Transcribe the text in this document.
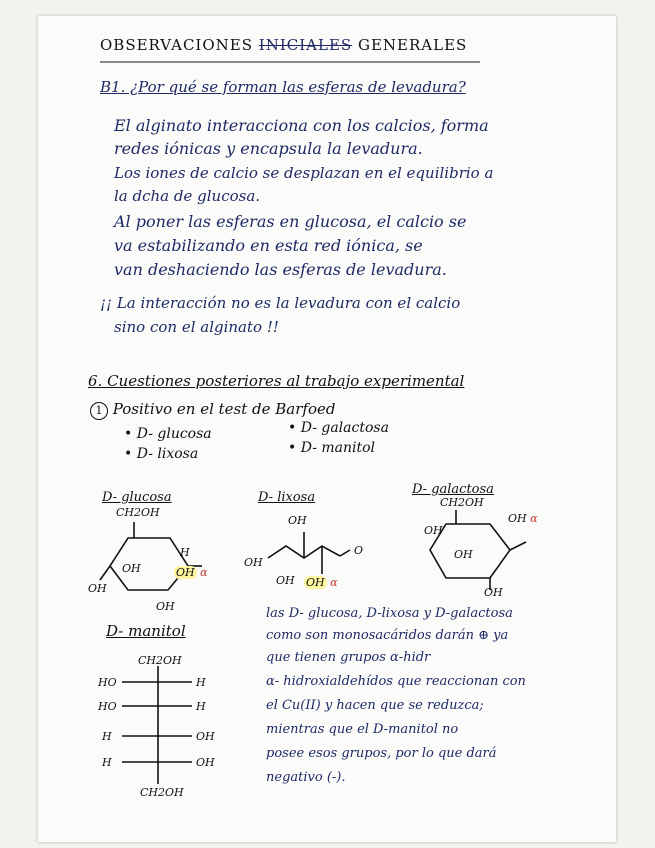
OBSERVACIONES INICIALES GENERALES
B1. ¿Por qué se forman las esferas de levadura?
El alginato interacciona con los calcios, forma
redes iónicas y encapsula la levadura.
Los iones de calcio se desplazan en el equilibrio a
la dcha de glucosa.
Al poner las esferas en glucosa, el calcio se
va estabilizando en esta red iónica, se
van deshaciendo las esferas de levadura.
¡¡ La interacción no es la levadura con el calcio
sino con el alginato !!
6. Cuestiones posteriores al trabajo experimental
1 Positivo en el test de Barfoed
• D- glucosa
• D- lixosa
• D- galactosa
• D- manitol
D- glucosa
CH2OH
OH
H
OH α
OH
OH
D- lixosa
OH
O
OH
OH OH α
D- galactosa
CH2OH
OH
OH
OH α
OH
D- manitol
CH2OH
HO	H
HO	H
H	OH
H	OH
CH2OH
las D- glucosa, D-lixosa y D-galactosa
como son monosacáridos darán ⊕ ya
que tienen grupos α-hidr
α- hidroxialdehídos que reaccionan con
el Cu(II) y hacen que se reduzca;
mientras que el D-manitol no
posee esos grupos, por lo que dará
negativo (-).
